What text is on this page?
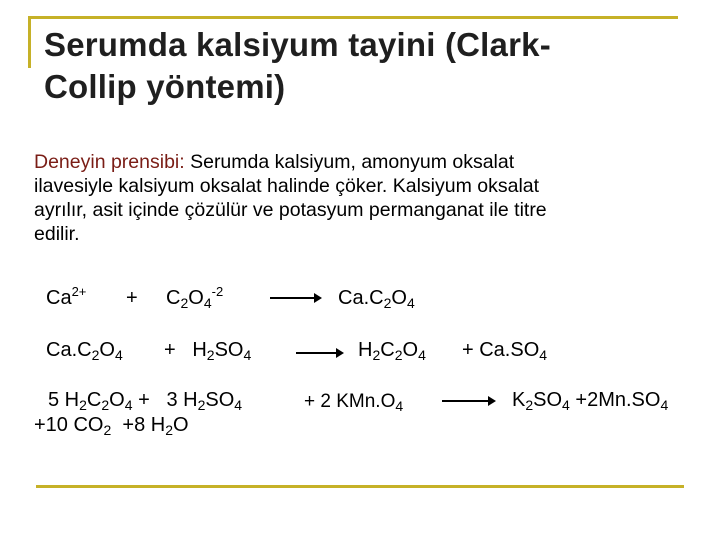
Serumda kalsiyum tayini (Clark-
Collip yöntemi)
Deneyin prensibi: Serumda kalsiyum, amonyum oksalat
ilavesiyle kalsiyum oksalat halinde çöker. Kalsiyum oksalat
ayrılır, asit içinde çözülür ve potasyum permanganat ile titre
edilir.
$Ca^{2+} + C_2O_4^{-2}$	$Ca.C_2O_4$
$Ca.C_2O_4 + H_2SO_4$	$H_2C_2O_4 + Ca.SO_4$
5 $H_2C_2O_4 + 3$ $H_2SO_4$	+ 2 $KMn.O_4$	$K_2SO_4 +2Mn.SO_4$
+10 $CO_2 +8$ $H_2O$
